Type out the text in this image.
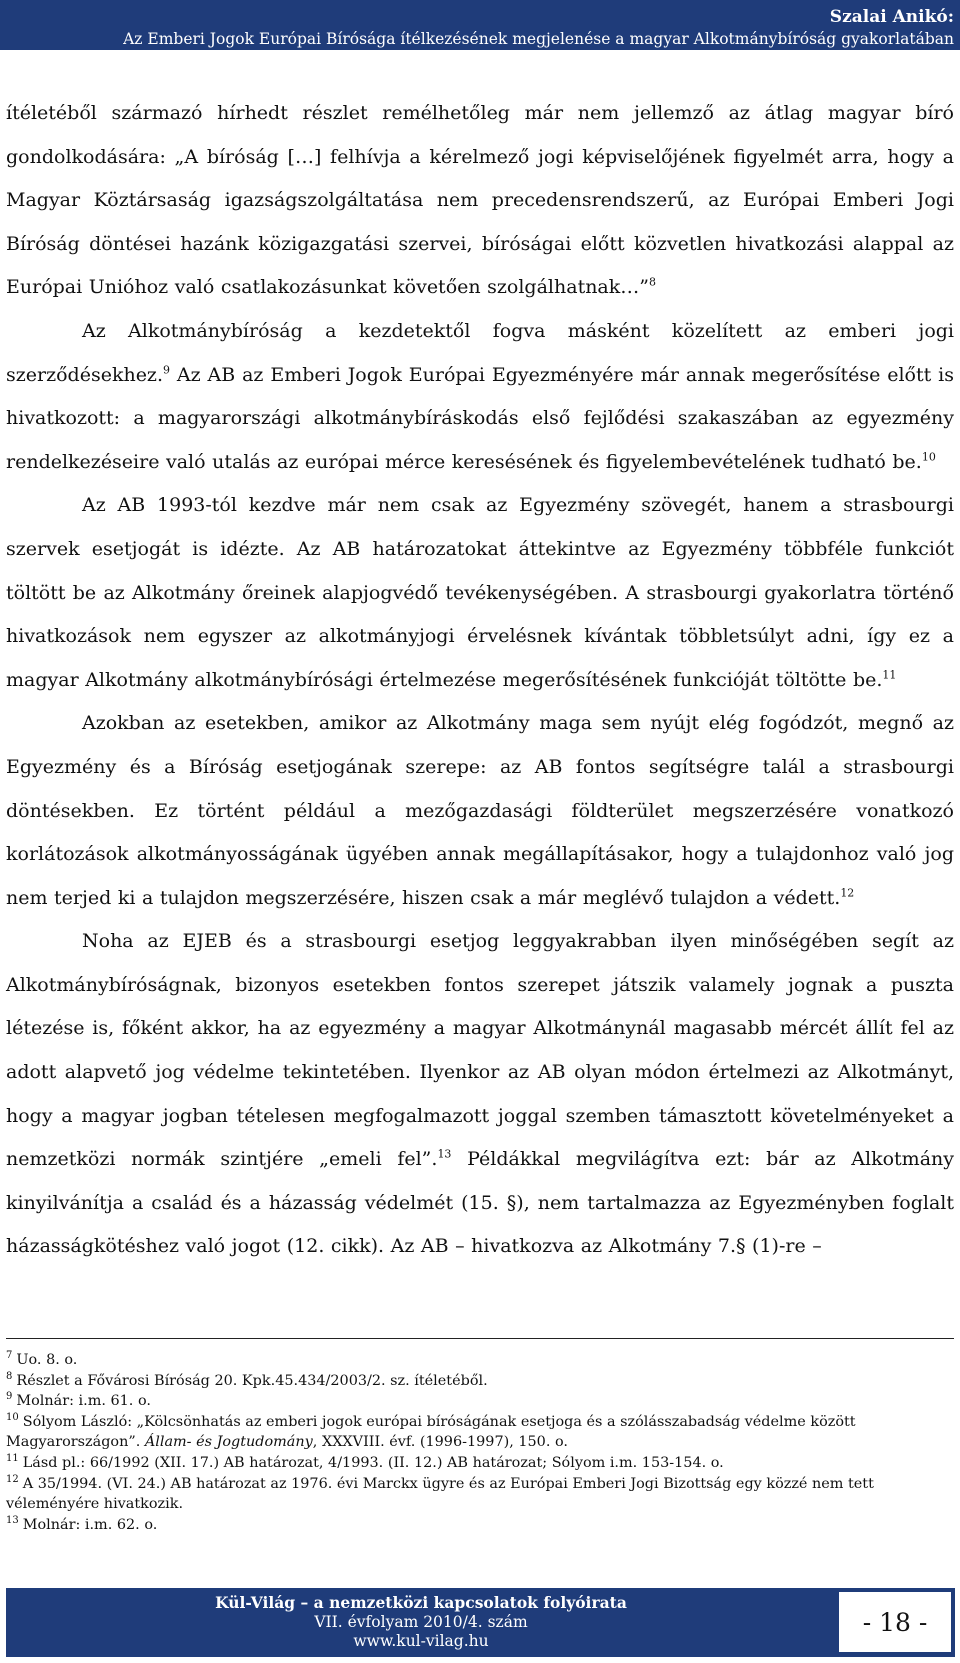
Szalai Anikó:
Az Emberi Jogok Európai Bírósága ítélkezésének megjelenése a magyar Alkotmánybíróság gyakorlatában

ítéletéből származó hírhedt részlet remélhetőleg már nem jellemző az átlag magyar bíró gondolkodására: „A bíróság […] felhívja a kérelmező jogi képviselőjének figyelmét arra, hogy a Magyar Köztársaság igazságszolgáltatása nem precedensrendszerű, az Európai Emberi Jogi Bíróság döntései hazánk közigazgatási szervei, bíróságai előtt közvetlen hivatkozási alappal az Európai Unióhoz való csatlakozásunkat követően szolgálhatnak…”$^8$

Az Alkotmánybíróság a kezdetektől fogva másként közelített az emberi jogi szerződésekhez.$^9$ Az AB az Emberi Jogok Európai Egyezményére már annak megerősítése előtt is hivatkozott: a magyarországi alkotmánybíráskodás első fejlődési szakaszában az egyezmény rendelkezéseire való utalás az európai mérce keresésének és figyelembevételének tudható be.$^{10}$

Az AB 1993-tól kezdve már nem csak az Egyezmény szövegét, hanem a strasbourgi szervek esetjogát is idézte. Az AB határozatokat áttekintve az Egyezmény többféle funkciót töltött be az Alkotmány őreinek alapjogvédő tevékenységében. A strasbourgi gyakorlatra történő hivatkozások nem egyszer az alkotmányjogi érvelésnek kívántak többletsúlyt adni, így ez a magyar Alkotmány alkotmánybírósági értelmezése megerősítésének funkcióját töltötte be.$^{11}$

Azokban az esetekben, amikor az Alkotmány maga sem nyújt elég fogódzót, megnő az Egyezmény és a Bíróság esetjogának szerepe: az AB fontos segítségre talál a strasbourgi döntésekben. Ez történt például a mezőgazdasági földterület megszerzésére vonatkozó korlátozások alkotmányosságának ügyében annak megállapításakor, hogy a tulajdonhoz való jog nem terjed ki a tulajdon megszerzésére, hiszen csak a már meglévő tulajdon a védett.$^{12}$

Noha az EJEB és a strasbourgi esetjog leggyakrabban ilyen minőségében segít az Alkotmánybíróságnak, bizonyos esetekben fontos szerepet játszik valamely jognak a puszta létezése is, főként akkor, ha az egyezmény a magyar Alkotmánynál magasabb mércét állít fel az adott alapvető jog védelme tekintetében. Ilyenkor az AB olyan módon értelmezi az Alkotmányt, hogy a magyar jogban tételesen megfogalmazott joggal szemben támasztott követelményeket a nemzetközi normák szintjére „emeli fel”.$^{13}$ Példákkal megvilágítva ezt: bár az Alkotmány kinyilvánítja a család és a házasság védelmét (15. §), nem tartalmazza az Egyezményben foglalt házasságkötéshez való jogot (12. cikk). Az AB – hivatkozva az Alkotmány 7.§ (1)-re –

$^7$ Uo. 8. o.

$^8$ Részlet a Fővárosi Bíróság 20. Kpk.45.434/2003/2. sz. ítéletéből.

$^9$ Molnár: i.m. 61. o.

$^{10}$ Sólyom László: „Kölcsönhatás az emberi jogok európai bíróságának esetjoga és a szólásszabadság védelme között Magyarországon”. Állam- és Jogtudomány, XXXVIII. évf. (1996-1997), 150. o.

$^{11}$ Lásd pl.: 66/1992 (XII. 17.) AB határozat, 4/1993. (II. 12.) AB határozat; Sólyom i.m. 153-154. o.

$^{12}$ A 35/1994. (VI. 24.) AB határozat az 1976. évi Marckx ügyre és az Európai Emberi Jogi Bizottság egy közzé nem tett véleményére hivatkozik.

$^{13}$ Molnár: i.m. 62. o.

Kül-Világ – a nemzetközi kapcsolatok folyóirata
VII. évfolyam 2010/4. szám
www.kul-vilag.hu
- 18 -
